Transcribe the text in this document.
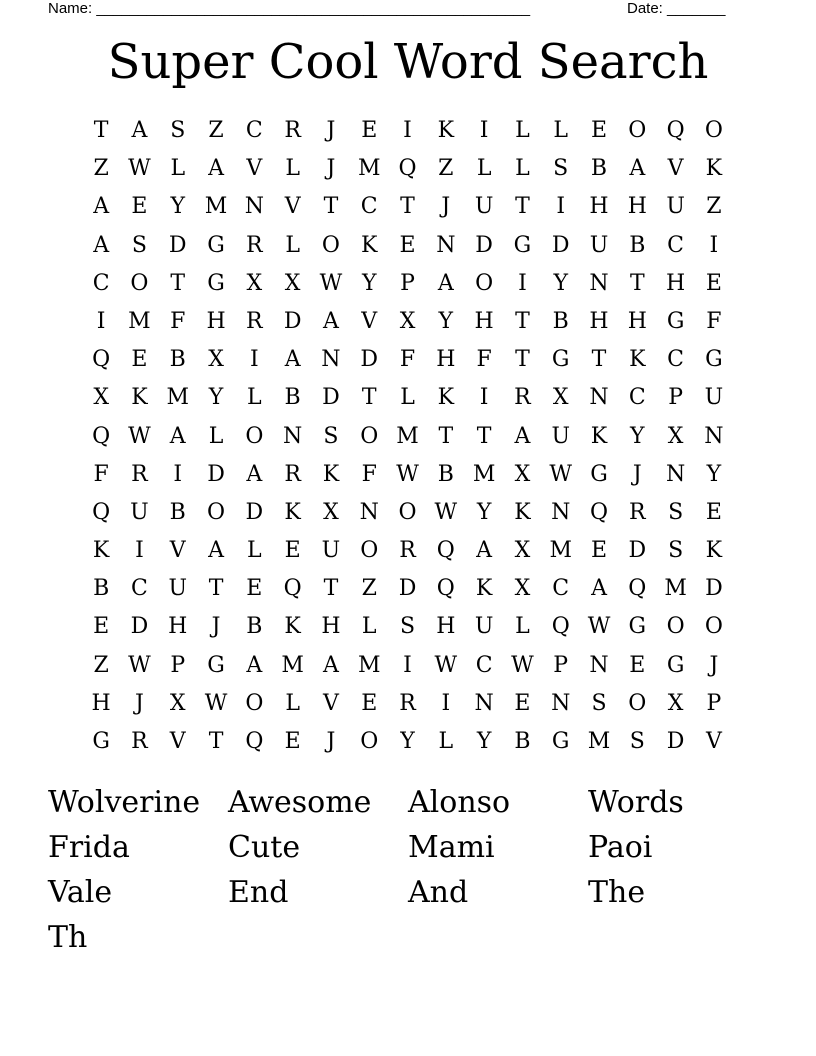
Name: ____________________________________________________	Date: _______
Super Cool Word Search
T	A	S	Z	C R	J	E	I	K	I	L	L	E O Q O
Z W L	A	V	L	J	M Q Z	L	L	S	B	A	V	K
A	E	Y M N V	T	C	T	J	U T	I	H H U Z
A	S D G R	L O K	E N D G D U B C	I
C O T	G X	X W Y	P	A O	I	Y N T H E
I	M F H R D A	V	X	Y H T	B H H G F
Q E	B	X	I	A N D F H F	T	G	T	K C G
X	K M Y	L	B D	T	L	K	I	R	X N C	P U
Q W A	L O N S O M T	T	A U K	Y	X N
F	R	I	D A	R K	F W B M X W G	J	N Y
Q U B O D K	X N O W Y	K N Q R	S	E
K	I	V	A	L	E U O R Q A	X M E D S	K
B C U T	E Q T	Z D Q K	X	C A Q M D
E D H	J	B K H L	S H U L Q W G O O
Z W P	G A M A M	I	W C W P N E G	J
H	J	X W O L	V	E R	I	N E N S O X	P
G R	V	T Q E	J	O	Y	L	Y	B G M S D V
Wolverine Awesome	Alonso	Words
Frida	Cute	Mami	Paoi
Vale	End	And	The
Th
